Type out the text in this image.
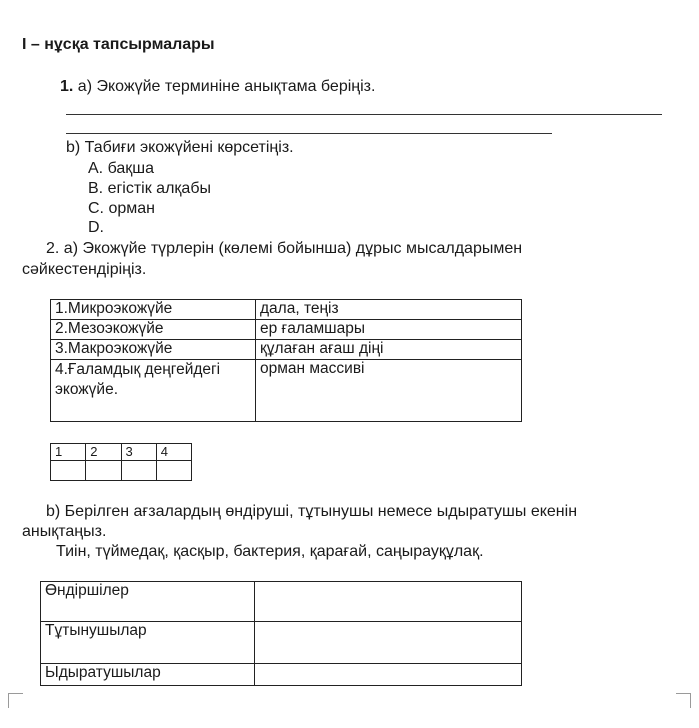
І – нұсқа тапсырмалары
1. а) Экожүйе терминіне анықтама беріңіз.
b) Табиғи экожүйені көрсетіңіз.
А. бақша
В. егістік алқабы
С. орман
D.
2. а) Экожүйе түрлерін (көлемі бойынша) дұрыс мысалдарымен
сәйкестендіріңіз.
1.Микроэкожүйе	дала, теңіз
2.Мезоэкожүйе	ер ғаламшары
3.Макроэкожүйе	құлаған ағаш діңі
4.Ғаламдық деңгейдегі экожүйе.	орман массиві
1	2	3	4

b) Берілген ағзалардың өндіруші, тұтынушы немесе ыдыратушы екенін
анықтаңыз.
Тиін, түймедақ, қасқыр, бактерия, қарағай, саңырауқұлақ.
Өндіршілер	
Тұтынушылар	
Ыдыратушылар	
